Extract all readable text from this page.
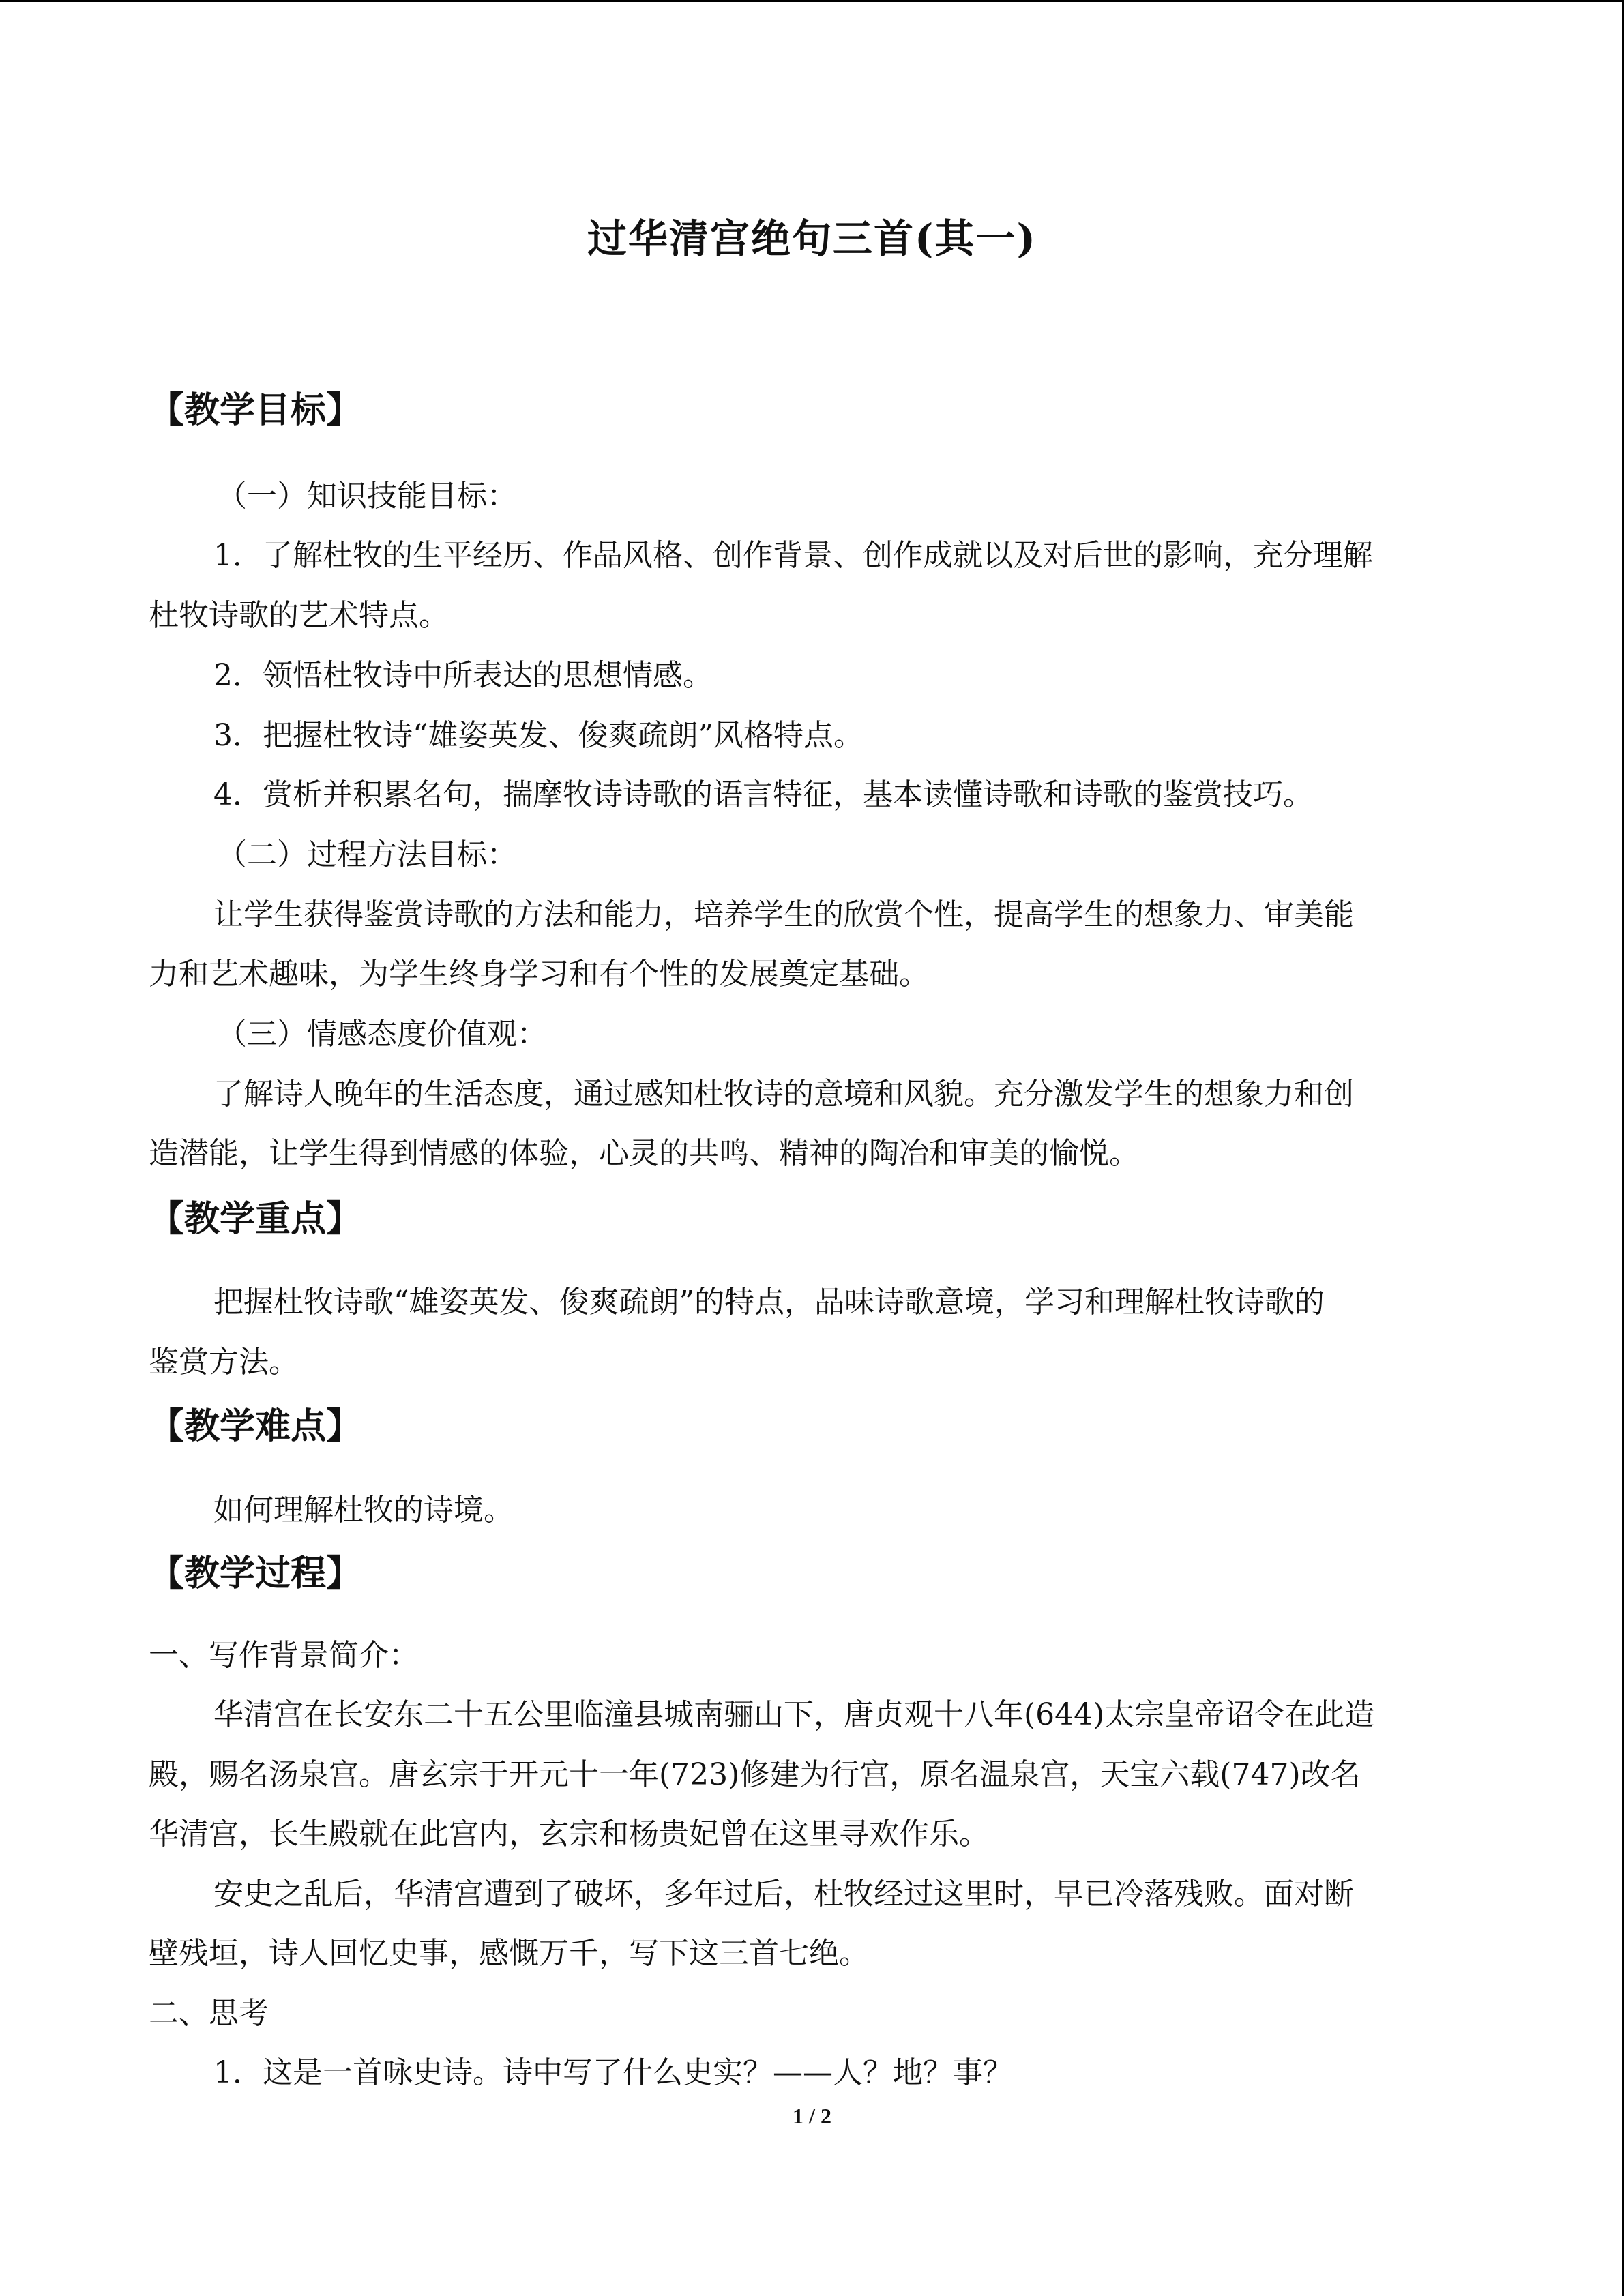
过华清宫绝句三首(其一)
【教学目标】
（一）知识技能目标：
1．了解杜牧的生平经历、作品风格、创作背景、创作成就以及对后世的影响，充分理解
杜牧诗歌的艺术特点。
2．领悟杜牧诗中所表达的思想情感。
3．把握杜牧诗“雄姿英发、俊爽疏朗”风格特点。
4．赏析并积累名句，揣摩牧诗诗歌的语言特征，基本读懂诗歌和诗歌的鉴赏技巧。
（二）过程方法目标：
让学生获得鉴赏诗歌的方法和能力，培养学生的欣赏个性，提高学生的想象力、审美能
力和艺术趣味，为学生终身学习和有个性的发展奠定基础。
（三）情感态度价值观：
了解诗人晚年的生活态度，通过感知杜牧诗的意境和风貌。充分激发学生的想象力和创
造潜能，让学生得到情感的体验，心灵的共鸣、精神的陶冶和审美的愉悦。
【教学重点】
把握杜牧诗歌“雄姿英发、俊爽疏朗”的特点，品味诗歌意境，学习和理解杜牧诗歌的
鉴赏方法。
【教学难点】
如何理解杜牧的诗境。
【教学过程】
一、写作背景简介：
华清宫在长安东二十五公里临潼县城南骊山下，唐贞观十八年(644)太宗皇帝诏令在此造
殿，赐名汤泉宫。唐玄宗于开元十一年(723)修建为行宫，原名温泉宫，天宝六载(747)改名
华清宫，长生殿就在此宫内，玄宗和杨贵妃曾在这里寻欢作乐。
安史之乱后，华清宫遭到了破坏，多年过后，杜牧经过这里时，早已冷落残败。面对断
壁残垣，诗人回忆史事，感慨万千，写下这三首七绝。
二、思考
1．这是一首咏史诗。诗中写了什么史实？——人？地？事？
1 / 2
